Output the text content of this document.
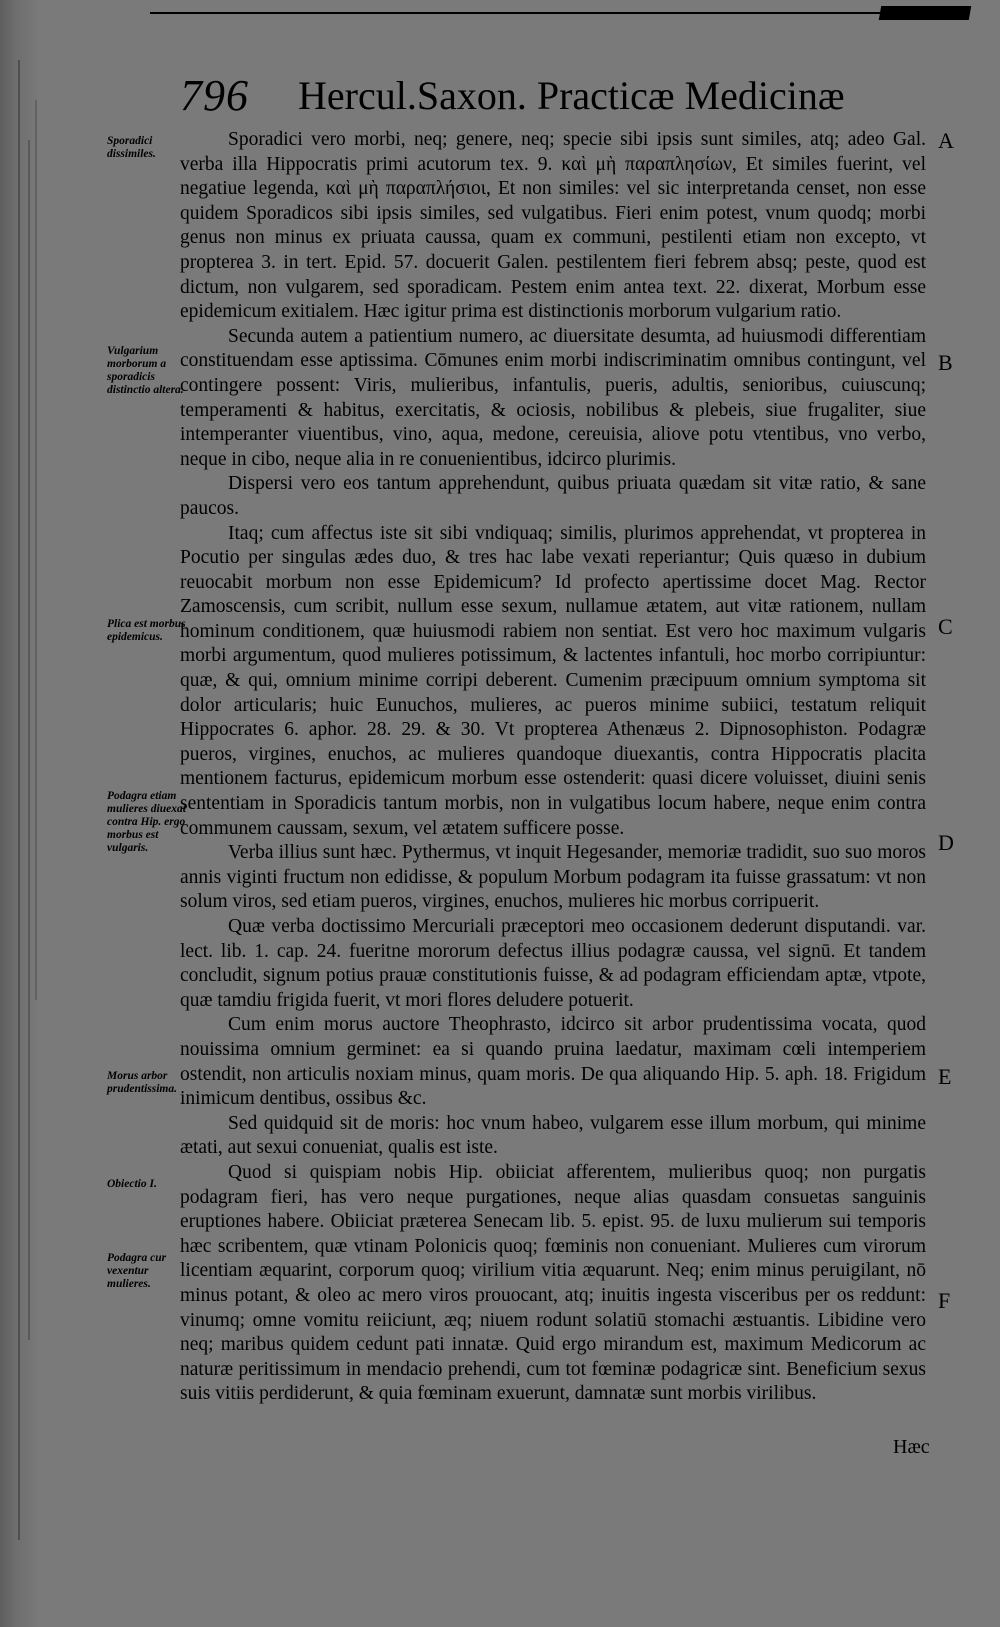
796 Hercul.Saxon. Practicæ Medicinæ
Sporadici dissimiles.
Vulgarium morborum a sporadicis distinctio altera.
Plica est morbus epidemicus.
Podagra etiam mulieres diuexat contra Hip. ergo morbus est vulgaris.
Morus arbor prudentissima.
Obiectio I.
Podagra cur vexentur mulieres.
A
B
C
D
E
F

Sporadici vero morbi, neq; genere, neq; specie sibi ipsis sunt similes, atq; adeo Gal. verba illa Hippocratis primi acutorum tex. 9. καὶ μὴ παραπλησίων, Et similes fuerint, vel negatiue legenda, καὶ μὴ παραπλήσιοι, Et non similes: vel sic interpretanda censet, non esse quidem Sporadicos sibi ipsis similes, sed vulgatibus. Fieri enim potest, vnum quodq; morbi genus non minus ex priuata caussa, quam ex communi, pestilenti etiam non excepto, vt propterea 3. in tert. Epid. 57. docuerit Galen. pestilentem fieri febrem absq; peste, quod est dictum, non vulgarem, sed sporadicam. Pestem enim antea text. 22. dixerat, Morbum esse epidemicum exitialem. Hæc igitur prima est distinctionis morborum vulgarium ratio.

Secunda autem a patientium numero, ac diuersitate desumta, ad huiusmodi differentiam constituendam esse aptissima. Cōmunes enim morbi indiscriminatim omnibus contingunt, vel contingere possent: Viris, mulieribus, infantulis, pueris, adultis, senioribus, cuiuscunq; temperamenti & habitus, exercitatis, & ociosis, nobilibus & plebeis, siue frugaliter, siue intemperanter viuentibus, vino, aqua, medone, cereuisia, aliove potu vtentibus, vno verbo, neque in cibo, neque alia in re conuenientibus, idcirco plurimis.

Dispersi vero eos tantum apprehendunt, quibus priuata quædam sit vitæ ratio, & sane paucos.

Itaq; cum affectus iste sit sibi vndiquaq; similis, plurimos apprehendat, vt propterea in Pocutio per singulas ædes duo, & tres hac labe vexati reperiantur; Quis quæso in dubium reuocabit morbum non esse Epidemicum? Id profecto apertissime docet Mag. Rector Zamoscensis, cum scribit, nullum esse sexum, nullamue ætatem, aut vitæ rationem, nullam hominum conditionem, quæ huiusmodi rabiem non sentiat. Est vero hoc maximum vulgaris morbi argumentum, quod mulieres potissimum, & lactentes infantuli, hoc morbo corripiuntur: quæ, & qui, omnium minime corripi deberent. Cumenim præcipuum omnium symptoma sit dolor articularis; huic Eunuchos, mulieres, ac pueros minime subiici, testatum reliquit Hippocrates 6. aphor. 28. 29. & 30. Vt propterea Athenæus 2. Dipnosophiston. Podagræ pueros, virgines, enuchos, ac mulieres quandoque diuexantis, contra Hippocratis placita mentionem facturus, epidemicum morbum esse ostenderit: quasi dicere voluisset, diuini senis sententiam in Sporadicis tantum morbis, non in vulgatibus locum habere, neque enim contra communem caussam, sexum, vel ætatem sufficere posse.

Verba illius sunt hæc. Pythermus, vt inquit Hegesander, memoriæ tradidit, suo suo moros annis viginti fructum non edidisse, & populum Morbum podagram ita fuisse grassatum: vt non solum viros, sed etiam pueros, virgines, enuchos, mulieres hic morbus corripuerit.

Quæ verba doctissimo Mercuriali præceptori meo occasionem dederunt disputandi. var. lect. lib. 1. cap. 24. fueritne mororum defectus illius podagræ caussa, vel signū. Et tandem concludit, signum potius prauæ constitutionis fuisse, & ad podagram efficiendam aptæ, vtpote, quæ tamdiu frigida fuerit, vt mori flores deludere potuerit.

Cum enim morus auctore Theophrasto, idcirco sit arbor prudentissima vocata, quod nouissima omnium germinet: ea si quando pruina laedatur, maximam cœli intemperiem ostendit, non articulis noxiam minus, quam moris. De qua aliquando Hip. 5. aph. 18. Frigidum inimicum dentibus, ossibus &c.

Sed quidquid sit de moris: hoc vnum habeo, vulgarem esse illum morbum, qui minime ætati, aut sexui conueniat, qualis est iste.

Quod si quispiam nobis Hip. obiiciat afferentem, mulieribus quoq; non purgatis podagram fieri, has vero neque purgationes, neque alias quasdam consuetas sanguinis eruptiones habere. Obiiciat præterea Senecam lib. 5. epist. 95. de luxu mulierum sui temporis hæc scribentem, quæ vtinam Polonicis quoq; fœminis non conueniant. Mulieres cum virorum licentiam æquarint, corporum quoq; virilium vitia æquarunt. Neq; enim minus peruigilant, nō minus potant, & oleo ac mero viros prouocant, atq; inuitis ingesta visceribus per os reddunt: vinumq; omne vomitu reiiciunt, æq; niuem rodunt solatiū stomachi æstuantis. Libidine vero neq; maribus quidem cedunt pati innatæ. Quid ergo mirandum est, maximum Medicorum ac naturæ peritissimum in mendacio prehendi, cum tot fœminæ podagricæ sint. Beneficium sexus suis vitiis perdiderunt, & quia fœminam exuerunt, damnatæ sunt morbis virilibus.

Hæc
